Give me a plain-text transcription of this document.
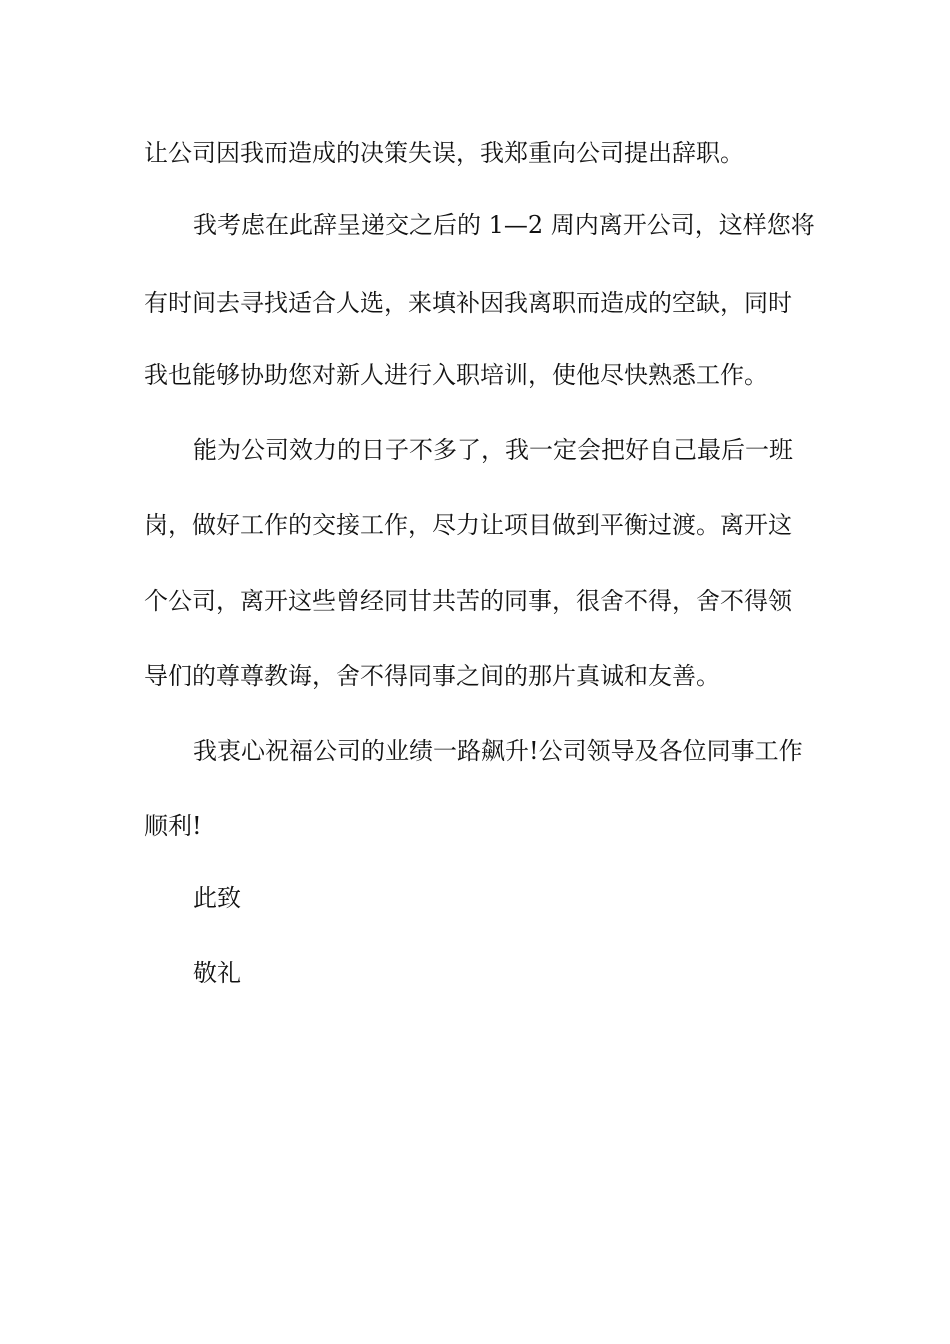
让公司因我而造成的决策失误，我郑重向公司提出辞职。
我考虑在此辞呈递交之后的 1—2 周内离开公司，这样您将
有时间去寻找适合人选，来填补因我离职而造成的空缺，同时
我也能够协助您对新人进行入职培训，使他尽快熟悉工作。
能为公司效力的日子不多了，我一定会把好自己最后一班
岗，做好工作的交接工作，尽力让项目做到平衡过渡。离开这
个公司，离开这些曾经同甘共苦的同事，很舍不得，舍不得领
导们的尊尊教诲，舍不得同事之间的那片真诚和友善。
我衷心祝福公司的业绩一路飙升!公司领导及各位同事工作
顺利!
此致
敬礼
